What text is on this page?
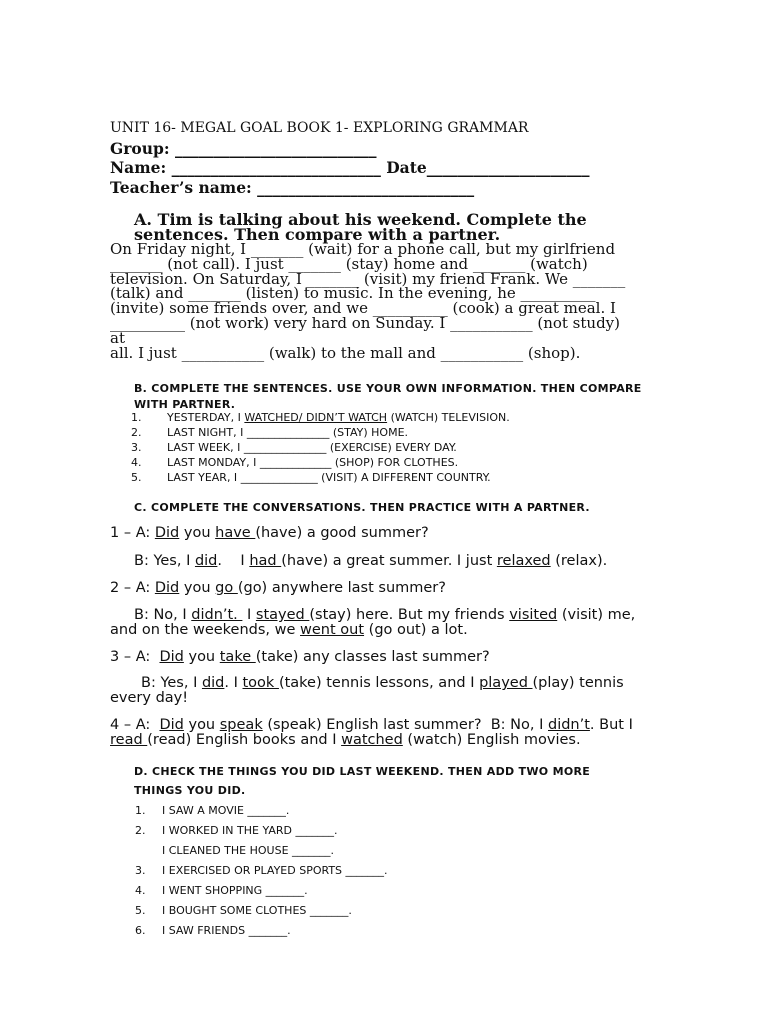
UNIT 16- MEGAL GOAL BOOK 1- EXPLORING GRAMMAR
Group: __________________________
Name: ___________________________ Date_____________________
Teacher’s name: ____________________________
A. Tim is talking about his weekend. Complete the sentences. Then compare with a partner.
On Friday night, I _______ (wait) for a phone call, but my girlfriend
_______ (not call). I just _______ (stay) home and _______ (watch)
television. On Saturday, I _______ (visit) my friend Frank. We _______
(talk) and _______ (listen) to music. In the evening, he __________
(invite) some friends over, and we __________ (cook) a great meal. I
__________ (not work) very hard on Sunday. I ___________ (not study) at
all. I just ___________ (walk) to the mall and ___________ (shop).
B. COMPLETE THE SENTENCES. USE YOUR OWN INFORMATION. THEN COMPARE WITH PARTNER.
1.	YESTERDAY, I WATCHED/ DIDN’T WATCH (WATCH) TELEVISION.
2.	LAST NIGHT, I _______________ (STAY) HOME.
3.	LAST WEEK, I _______________ (EXERCISE) EVERY DAY.
4.	LAST MONDAY, I _____________ (SHOP) FOR CLOTHES.
5.	LAST YEAR, I ______________ (VISIT) A DIFFERENT COUNTRY.
C. COMPLETE THE CONVERSATIONS. THEN PRACTICE WITH A PARTNER.
1 – A: Did you have (have) a good summer?
B: Yes, I did.    I had (have) a great summer. I just relaxed (relax).
2 – A: Did you go (go) anywhere last summer?
B: No, I didn’t.  I stayed (stay) here. But my friends visited (visit) me,
and on the weekends, we went out (go out) a lot.
3 – A:  Did you take (take) any classes last summer?
B: Yes, I did. I took (take) tennis lessons, and I played (play) tennis
every day!
4 – A:  Did you speak (speak) English last summer?  B: No, I didn’t. But I
read (read) English books and I watched (watch) English movies.
D. CHECK THE THINGS YOU DID LAST WEEKEND. THEN ADD TWO MORE THINGS YOU DID.
1.	I SAW A MOVIE _______.
2.	I WORKED IN THE YARD _______.
I CLEANED THE HOUSE _______.
3.	I EXERCISED OR PLAYED SPORTS _______.
4.	I WENT SHOPPING _______.
5.	I BOUGHT SOME CLOTHES _______.
6.	I SAW FRIENDS _______.
